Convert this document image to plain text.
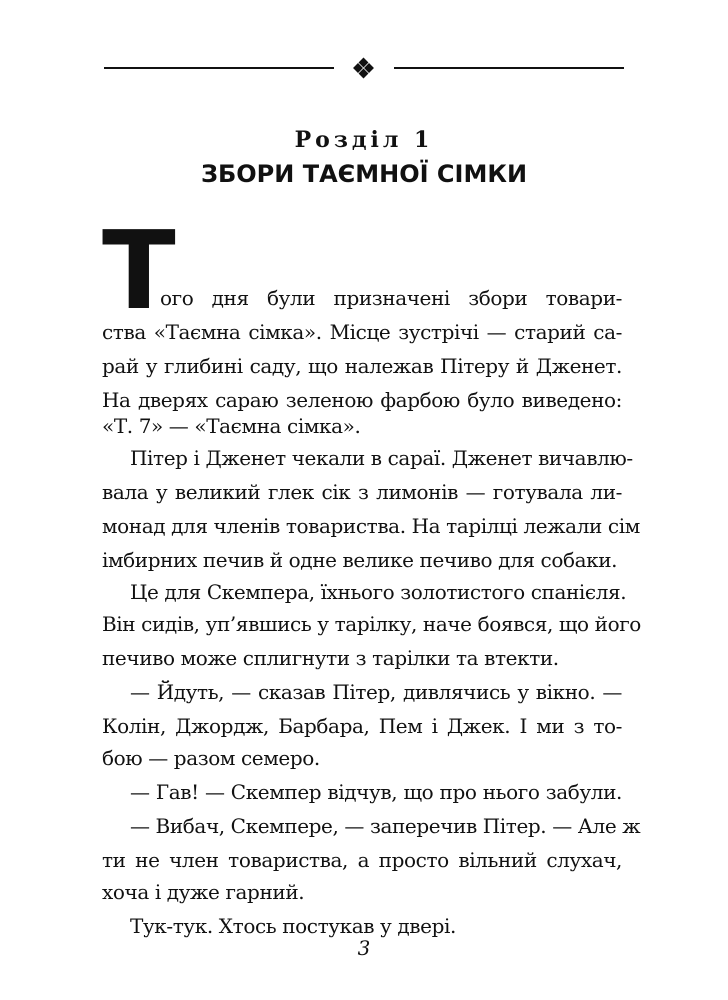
Розділ 1
ЗБОРИ ТАЄМНОЇ СІМКИ
Т
ого дня були призначені збори товари-
ства «Таємна сімка». Місце зустрічі — старий са-
рай у глибині саду, що належав Пітеру й Дженет.
На дверях сараю зеленою фарбою було виведено:
«Т. 7» — «Таємна сімка».
Пітер і Дженет чекали в сараї. Дженет вичавлю-
вала у великий глек сік з лимонів — готувала ли-
монад для членів товариства. На тарілці лежали сім
імбирних печив й одне велике печиво для собаки.
Це для Скемпера, їхнього золотистого спанієля.
Він сидів, уп’явшись у тарілку, наче боявся, що його
печиво може сплигнути з тарілки та втекти.
— Йдуть, — сказав Пітер, дивлячись у вікно. —
Колін, Джордж, Барбара, Пем і Джек. І ми з то-
бою — разом семеро.
— Гав! — Скемпер відчув, що про нього забули.
— Вибач, Скемпере, — заперечив Пітер. — Але ж
ти не член товариства, а просто вільний слухач,
хоча і дуже гарний.
Тук-тук. Хтось постукав у двері.
3
